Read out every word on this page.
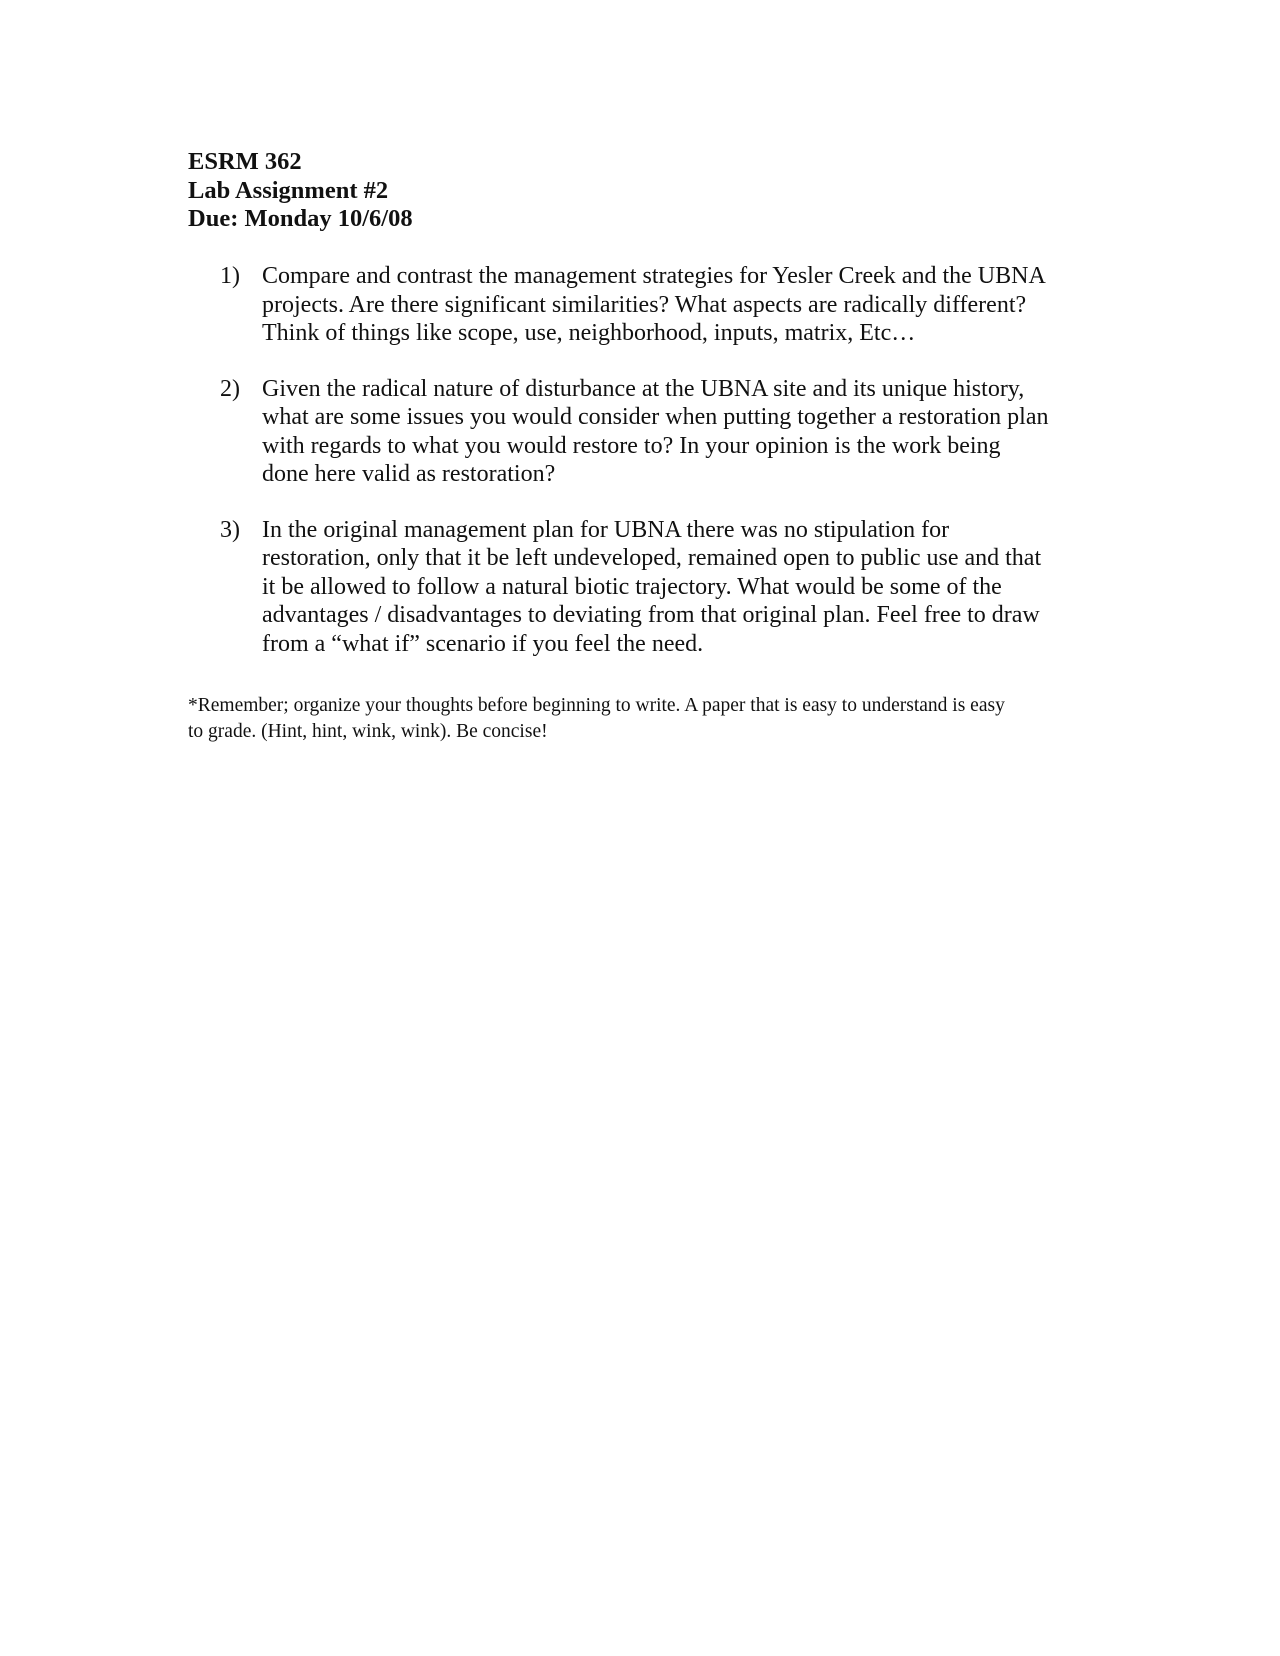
ESRM 362
Lab Assignment #2
Due: Monday 10/6/08
1) Compare and contrast the management strategies for Yesler Creek and the UBNA
projects. Are there significant similarities? What aspects are radically different?
Think of things like scope, use, neighborhood, inputs, matrix, Etc…
2) Given the radical nature of disturbance at the UBNA site and its unique history,
what are some issues you would consider when putting together a restoration plan
with regards to what you would restore to? In your opinion is the work being
done here valid as restoration?
3) In the original management plan for UBNA there was no stipulation for
restoration, only that it be left undeveloped, remained open to public use and that
it be allowed to follow a natural biotic trajectory. What would be some of the
advantages / disadvantages to deviating from that original plan. Feel free to draw
from a “what if” scenario if you feel the need.
*Remember; organize your thoughts before beginning to write. A paper that is easy to understand is easy
to grade. (Hint, hint, wink, wink). Be concise!
